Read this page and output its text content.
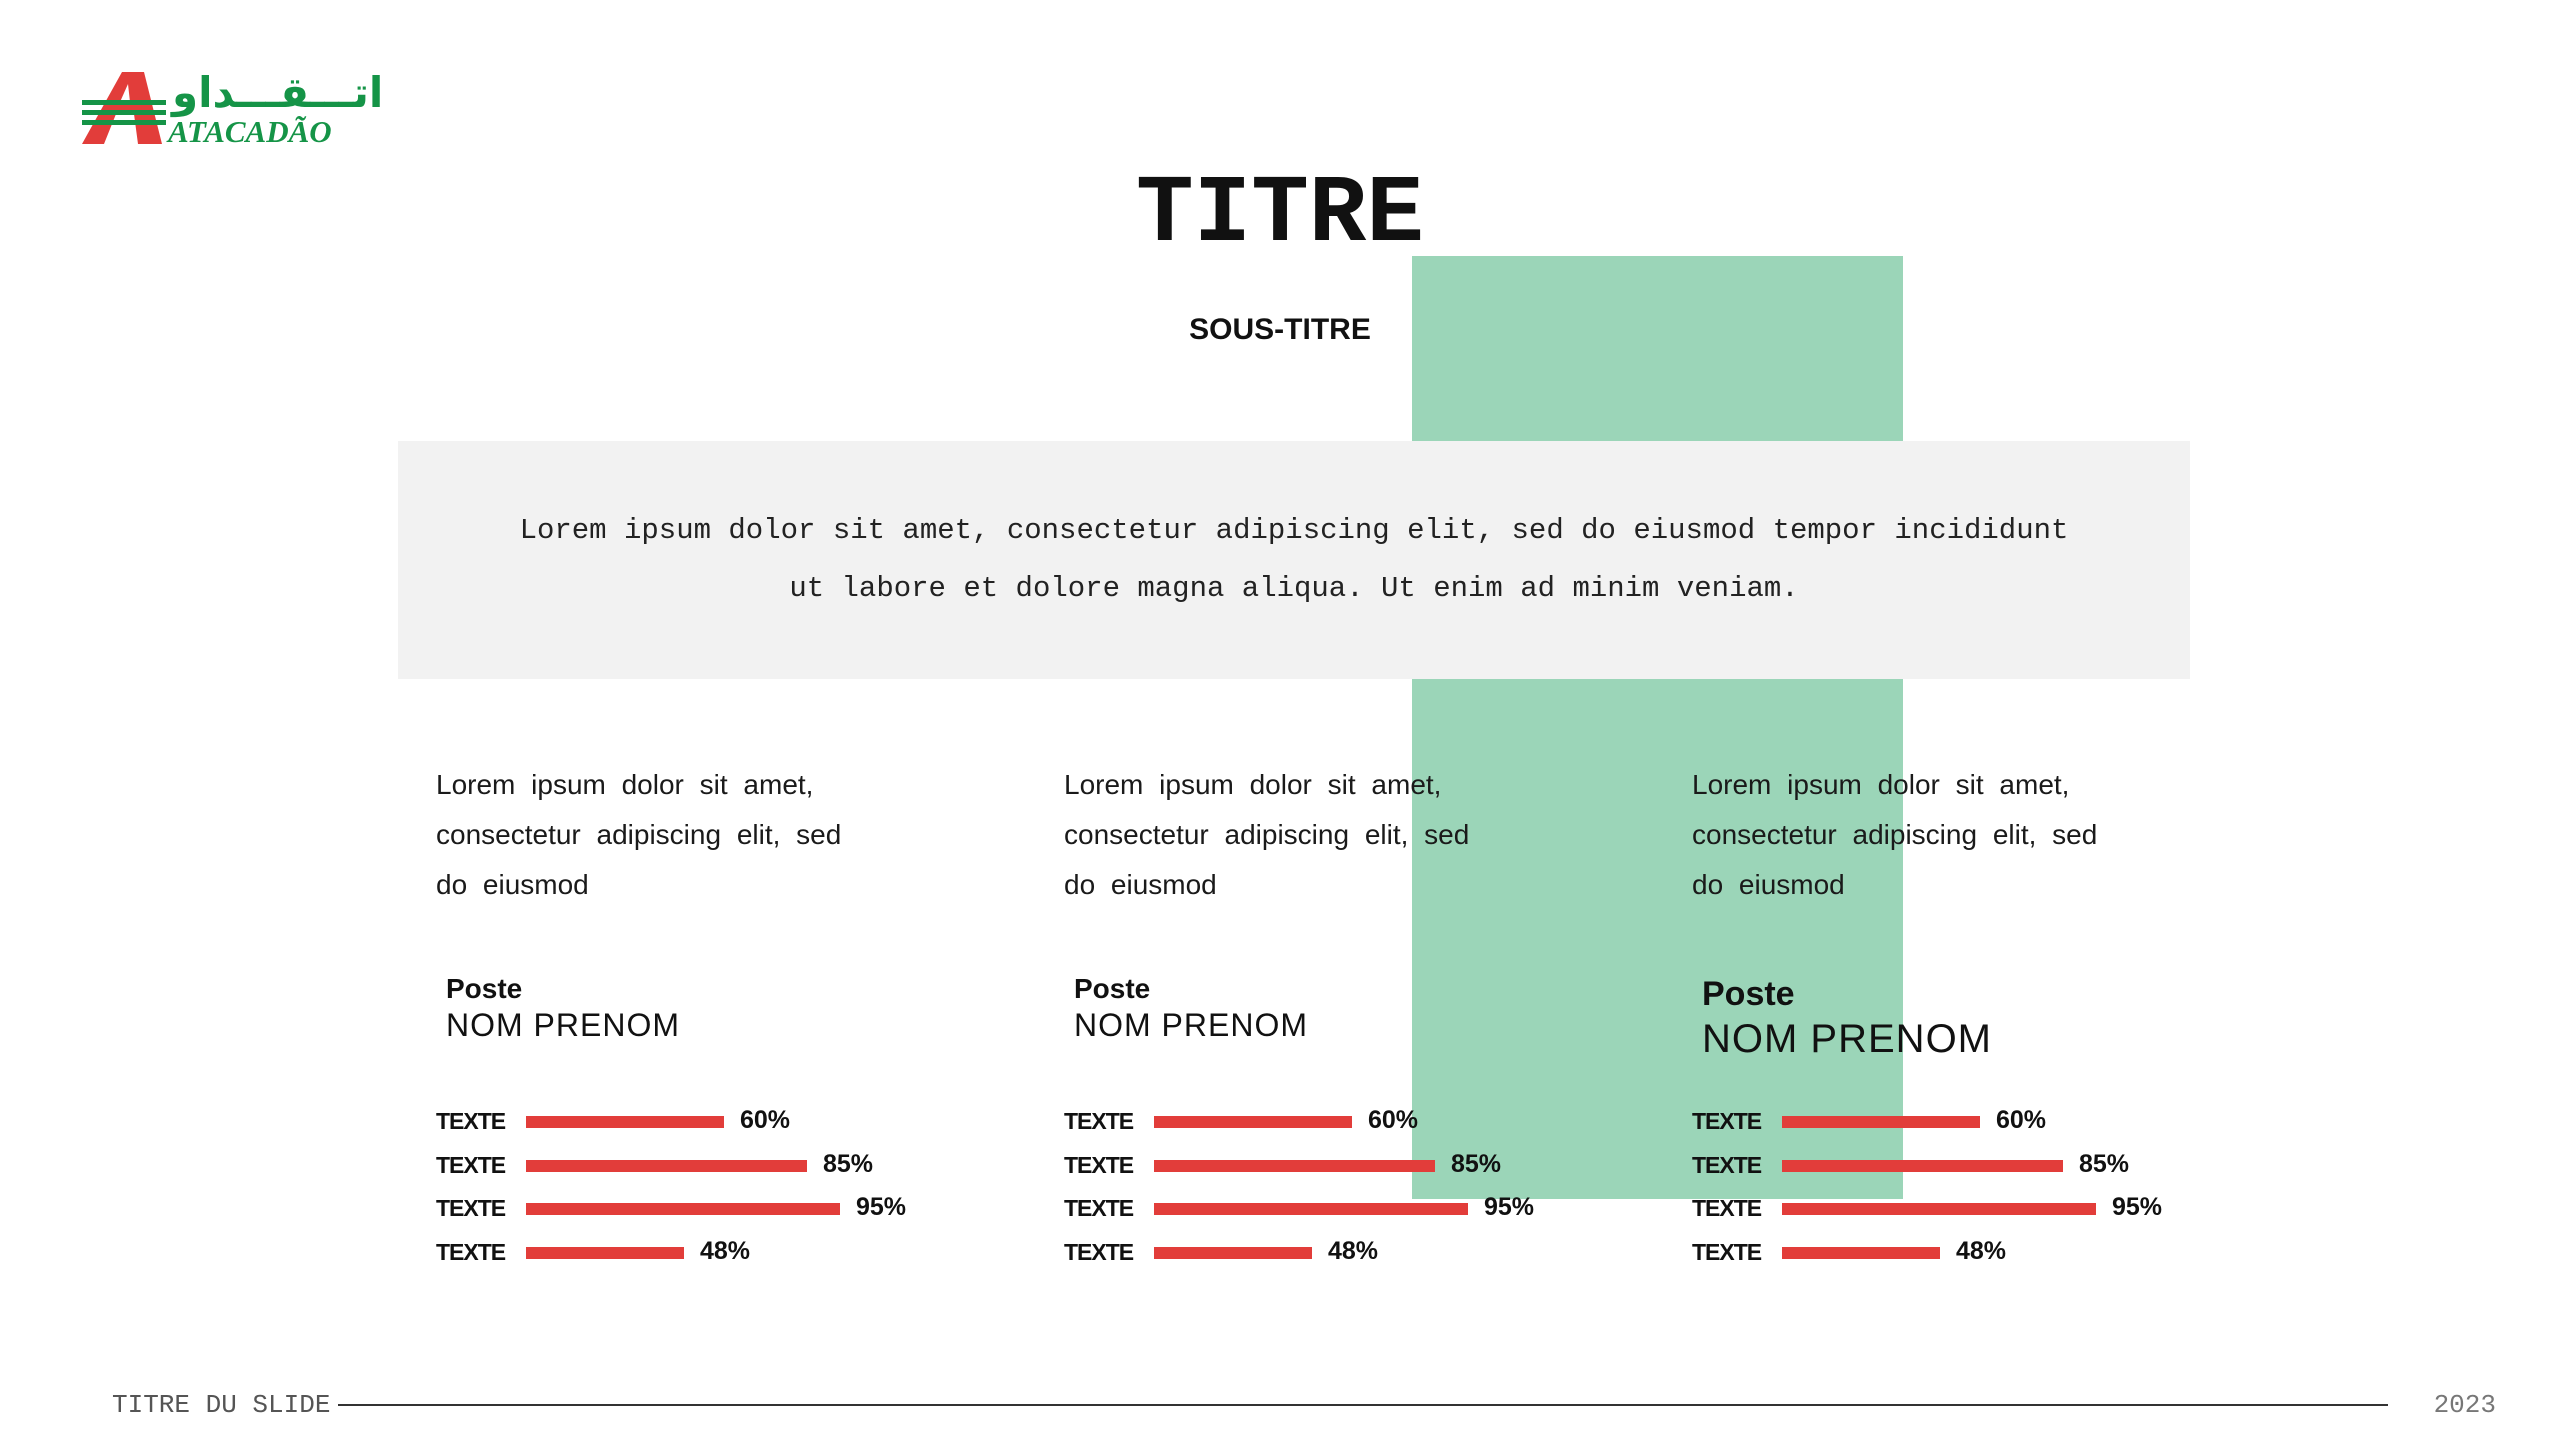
اتـــقـــداو
ATACADÃO
TITRE
SOUS-TITRE

Lorem ipsum dolor sit amet, consectetur adipiscing elit, sed do eiusmod tempor incididunt ut labore et dolore magna aliqua. Ut enim ad minim veniam.

Lorem ipsum dolor sit amet, consectetur adipiscing elit, sed do eiusmod

Poste
NOM PRENOM
TEXTE	60%
TEXTE	85%
TEXTE	95%
TEXTE	48%

Lorem ipsum dolor sit amet, consectetur adipiscing elit, sed do eiusmod

Poste
NOM PRENOM
TEXTE	60%
TEXTE	85%
TEXTE	95%
TEXTE	48%

Lorem ipsum dolor sit amet, consectetur adipiscing elit, sed do eiusmod

Poste
NOM PRENOM
TEXTE	60%
TEXTE	85%
TEXTE	95%
TEXTE	48%
TITRE DU SLIDE	2023
